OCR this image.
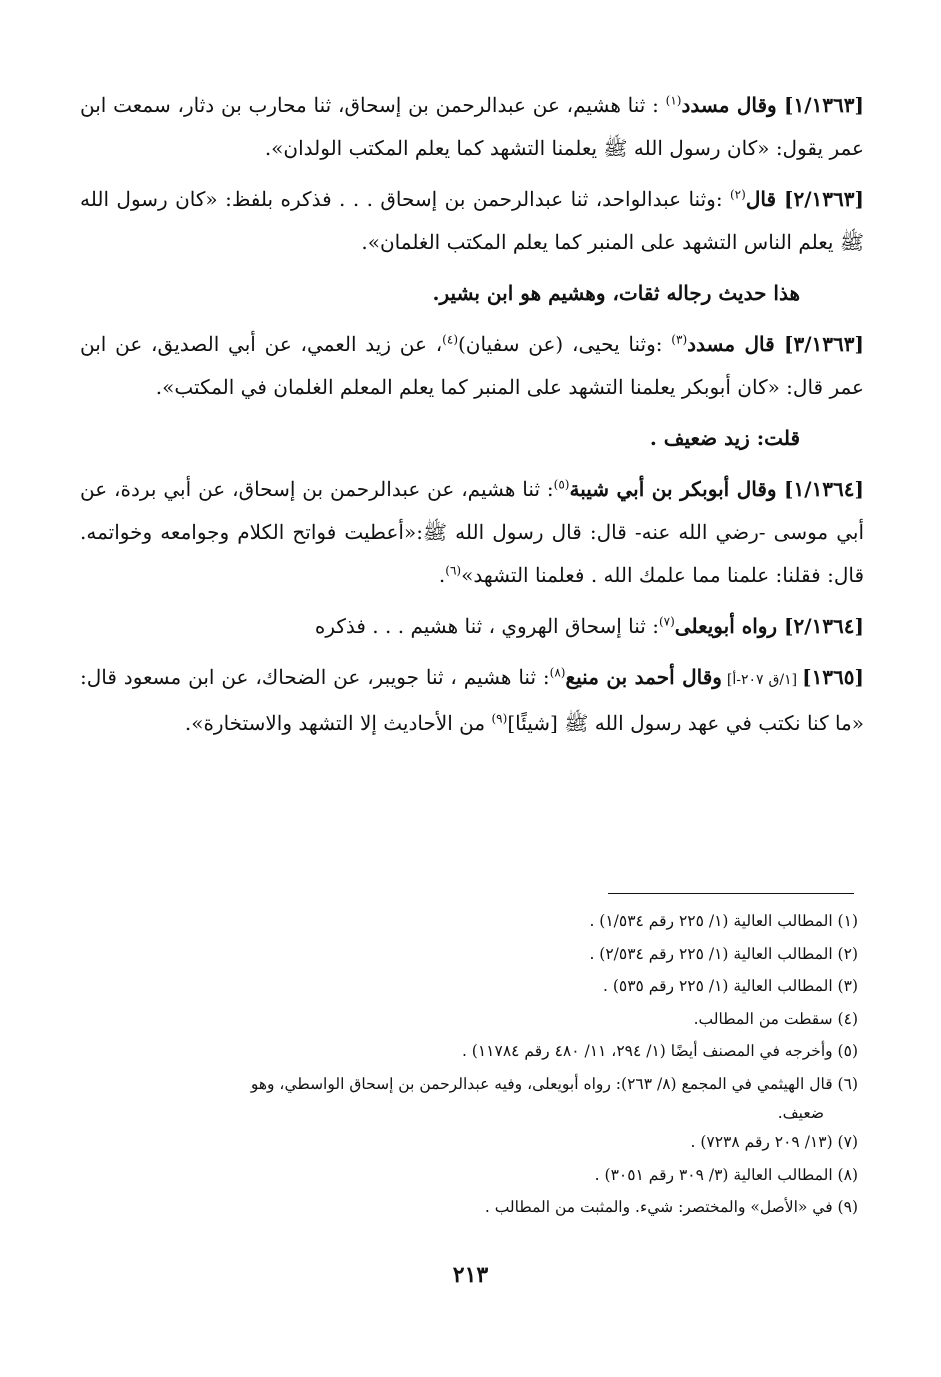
[١/١٣٦٣] وقال مسدد$^{(١)}$ : ثنا هشيم، عن عبدالرحمن بن إسحاق، ثنا محارب بن دثار، سمعت ابن عمر يقول: «كان رسول الله ﷺ يعلمنا التشهد كما يعلم المكتب الولدان».

[٢/١٣٦٣] قال$^{(٢)}$ :وثنا عبدالواحد، ثنا عبدالرحمن بن إسحاق . . . فذكره بلفظ: «كان رسول الله ﷺ يعلم الناس التشهد على المنبر كما يعلم المكتب الغلمان».

هذا حديث رجاله ثقات، وهشيم هو ابن بشير.

[٣/١٣٦٣] قال مسدد$^{(٣)}$ :وثنا يحيى، (عن سفيان)$^{(٤)}$، عن زيد العمي، عن أبي الصديق، عن ابن عمر قال: «كان أبوبكر يعلمنا التشهد على المنبر كما يعلم المعلم الغلمان في المكتب».

قلت: زيد ضعيف .

[١/١٣٦٤] وقال أبوبكر بن أبي شيبة$^{(٥)}$: ثنا هشيم، عن عبدالرحمن بن إسحاق، عن أبي بردة، عن أبي موسى -رضي الله عنه- قال: قال رسول الله ﷺ:«أعطيت فواتح الكلام وجوامعه وخواتمه. قال: فقلنا: علمنا مما علمك الله . فعلمنا التشهد»$^{(٦)}$.

[٢/١٣٦٤] رواه أبويعلى$^{(٧)}$: ثنا إسحاق الهروي ، ثنا هشيم . . . فذكره

[١٣٦٥] [١/ق ٢٠٧-أ] وقال أحمد بن منيع$^{(٨)}$: ثنا هشيم ، ثنا جويبر، عن الضحاك، عن ابن مسعود قال: «ما كنا نكتب في عهد رسول الله ﷺ [شيئًا]$^{(٩)}$ من الأحاديث إلا التشهد والاستخارة».

(١) المطالب العالية (١/ ٢٢٥ رقم ١/٥٣٤) .

(٢) المطالب العالية (١/ ٢٢٥ رقم ٢/٥٣٤) .

(٣) المطالب العالية (١/ ٢٢٥ رقم ٥٣٥) .

(٤) سقطت من المطالب.

(٥) وأخرجه في المصنف أيضًا (١/ ٢٩٤، ١١/ ٤٨٠ رقم ١١٧٨٤) .

(٦) قال الهيثمي في المجمع (٨/ ٢٦٣): رواه أبويعلى، وفيه عبدالرحمن بن إسحاق الواسطي، وهو
ضعيف.

(٧) (١٣/ ٢٠٩ رقم ٧٢٣٨) .

(٨) المطالب العالية (٣/ ٣٠٩ رقم ٣٠٥١) .

(٩) في «الأصل» والمختصر: شيء. والمثبت من المطالب .

٢١٣
